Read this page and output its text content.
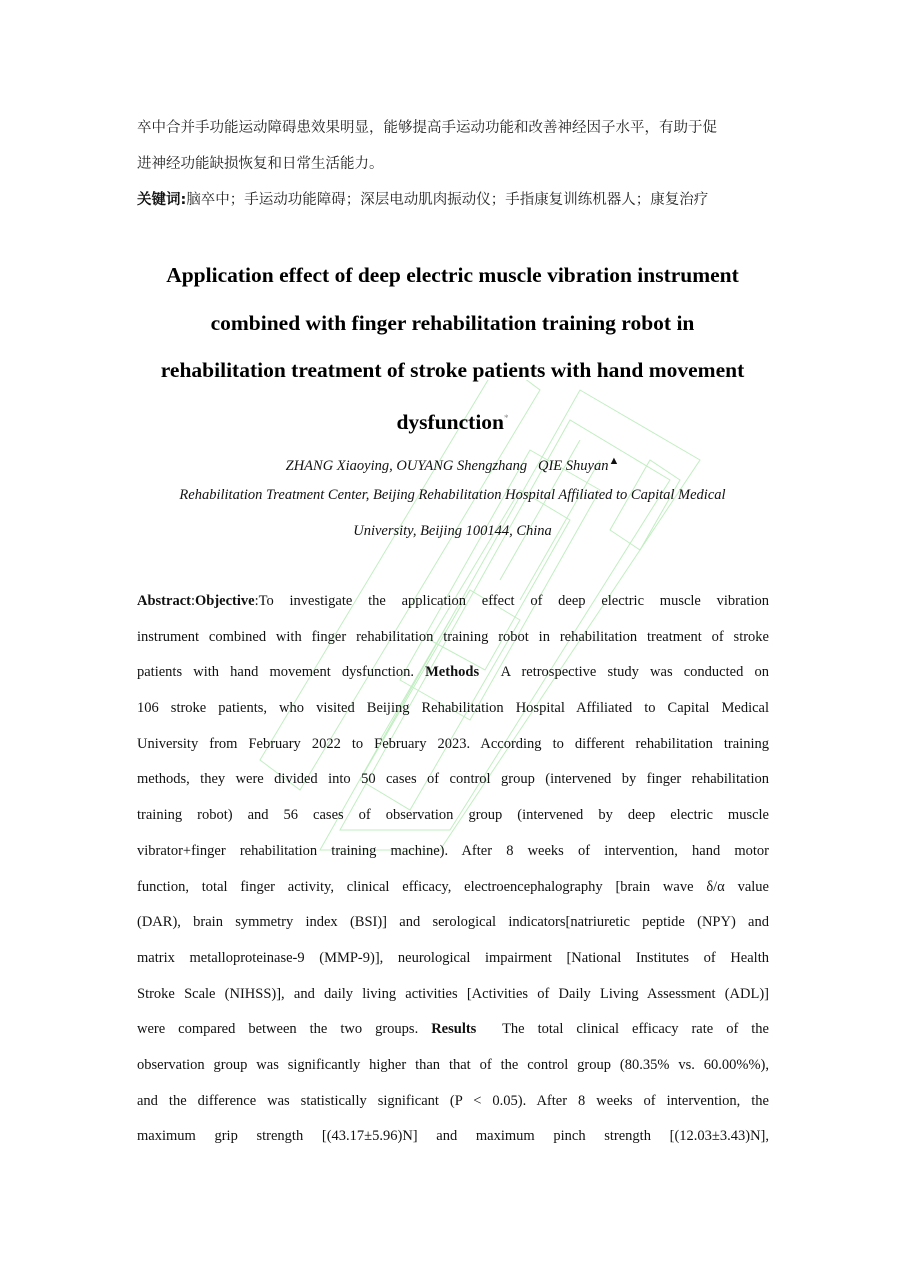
卒中合并手功能运动障碍患效果明显，能够提高手运动功能和改善神经因子水平，有助于促
进神经功能缺损恢复和日常生活能力。
关键词:脑卒中；手运动功能障碍；深层电动肌肉振动仪；手指康复训练机器人；康复治疗
Application effect of deep electric muscle vibration instrument
combined with finger rehabilitation training robot in
rehabilitation treatment of stroke patients with hand movement
dysfunction*
ZHANG Xiaoying, OUYANG Shengzhang   QIE Shuyan▲
Rehabilitation Treatment Center, Beijing Rehabilitation Hospital Affiliated to Capital Medical
University, Beijing 100144, China
Abstract:Objective:To investigate the application effect of deep electric muscle vibration
instrument combined with finger rehabilitation training robot in rehabilitation treatment of stroke
patients with hand movement dysfunction. Methods  A retrospective study was conducted on
106 stroke patients, who visited Beijing Rehabilitation Hospital Affiliated to Capital Medical
University from February 2022 to February 2023. According to different rehabilitation training
methods, they were divided into 50 cases of control group (intervened by finger rehabilitation
training robot) and 56 cases of observation group (intervened by deep electric muscle
vibrator+finger rehabilitation training machine). After 8 weeks of intervention, hand motor
function, total finger activity, clinical efficacy, electroencephalography [brain wave δ/α value
(DAR), brain symmetry index (BSI)] and serological indicators[natriuretic peptide (NPY) and
matrix metalloproteinase-9 (MMP-9)], neurological impairment [National Institutes of Health
Stroke Scale (NIHSS)], and daily living activities [Activities of Daily Living Assessment (ADL)]
were compared between the two groups. Results  The total clinical efficacy rate of the
observation group was significantly higher than that of the control group (80.35% vs. 60.00%%),
and the difference was statistically significant (P < 0.05). After 8 weeks of intervention, the
maximum grip strength [(43.17±5.96)N] and maximum pinch strength [(12.03±3.43)N],
